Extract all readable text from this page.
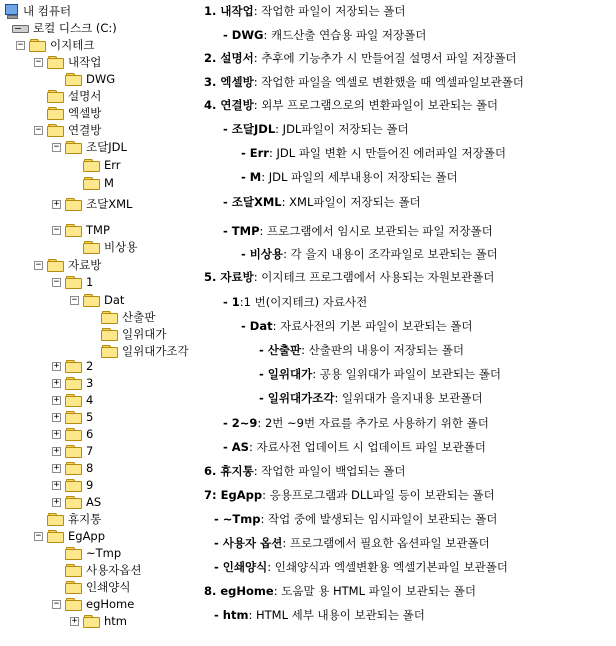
내 컴퓨터
로컬 디스크 (C:)
− 이지테크
− 내작업
DWG
설명서
엑셀방
− 연결방
− 조달JDL
Err
M
+ 조달XML
− TMP
비상용
− 자료방
− 1
− Dat
산출판
일위대가
일위대가조각
+ 2
+ 3
+ 4
+ 5
+ 6
+ 7
+ 8
+ 9
+ AS
휴지통
− EgApp
~Tmp
사용자옵션
인쇄양식
− egHome
+ htm
1. 내작업: 작업한 파일이 저장되는 폴더
- DWG: 캐드산출 연습용 파일 저장폴더
2. 설명서: 추후에 기능추가 시 만들어질 설명서 파일 저장폴더
3. 엑셀방: 작업한 파일을 엑셀로 변환했을 때 엑셀파일보관폴더
4. 연결방: 외부 프로그램으로의 변환파일이 보관되는 폴더
- 조달JDL: JDL파일이 저장되는 폴더
- Err: JDL 파일 변환 시 만들어진 에러파일 저장폴더
- M: JDL 파일의 세부내용이 저장되는 폴더
- 조달XML: XML파일이 저장되는 폴더
- TMP: 프로그램에서 임시로 보관되는 파일 저장폴더
- 비상용: 각 을지 내용이 조각파일로 보관되는 폴더
5. 자료방: 이지테크 프로그램에서 사용되는 자원보관폴더
- 1:1 번(이지테크) 자료사전
- Dat: 자료사전의 기본 파일이 보관되는 폴더
- 산출판: 산출판의 내용이 저장되는 폴더
- 일위대가: 공용 일위대가 파일이 보관되는 폴더
- 일위대가조각: 일위대가 을지내용 보관폴더
- 2~9: 2번 ~9번 자료를 추가로 사용하기 위한 폴더
- AS: 자료사전 업데이트 시 업데이트 파일 보관폴더
6. 휴지통: 작업한 파일이 백업되는 폴더
7: EgApp: 응용프로그램과 DLL파일 등이 보관되는 폴더
- ~Tmp: 작업 중에 발생되는 임시파일이 보관되는 폴더
- 사용자 옵션: 프로그램에서 필요한 옵션파일 보관폴더
- 인쇄양식: 인쇄양식과 엑셀변환용 엑셀기본파일 보관폴더
8. egHome: 도움말 용 HTML 파일이 보관되는 폴더
- htm: HTML 세부 내용이 보관되는 폴더
